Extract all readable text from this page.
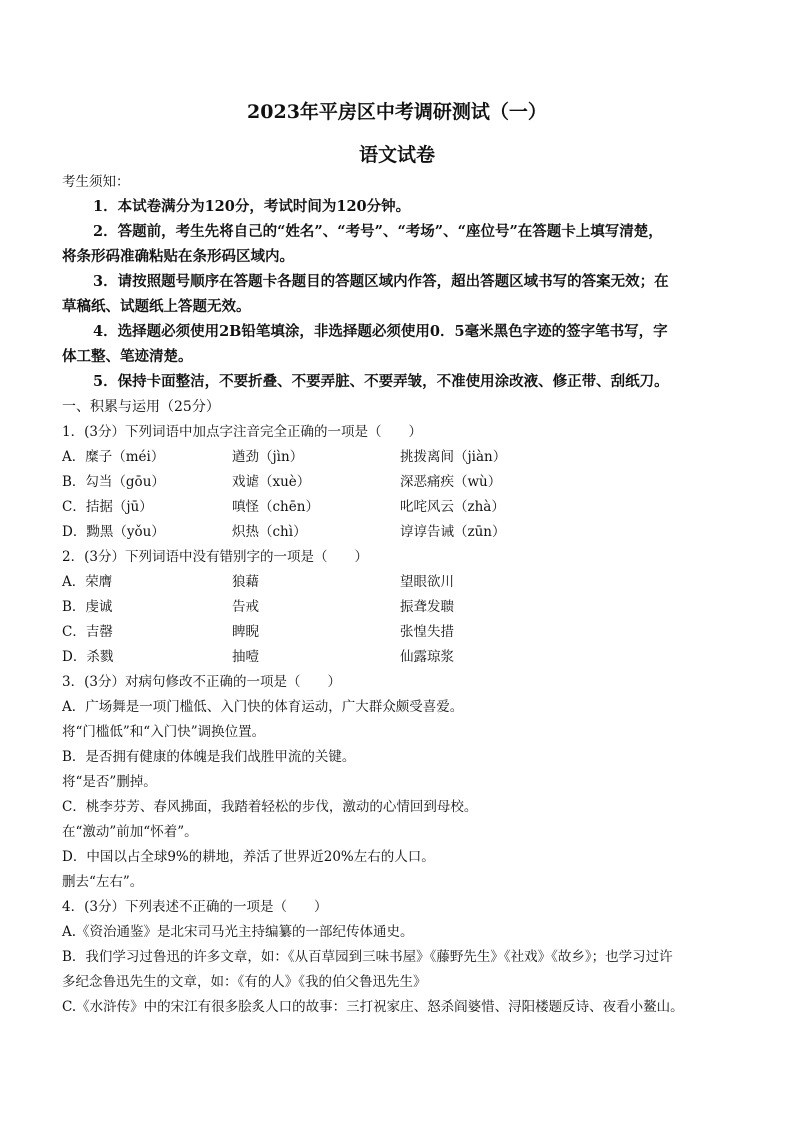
2023年平房区中考调研测试（一）
语文试卷
考生须知：
1．本试卷满分为120分，考试时间为120分钟。
2．答题前，考生先将自己的“姓名”、“考号”、“考场”、“座位号”在答题卡上填写清楚，
将条形码准确粘贴在条形码区域内。
3．请按照题号顺序在答题卡各题目的答题区域内作答，超出答题区域书写的答案无效；在
草稿纸、试题纸上答题无效。
4．选择题必须使用2B铅笔填涂，非选择题必须使用0．5毫米黑色字迹的签字笔书写，字
体工整、笔迹清楚。
5．保持卡面整洁，不要折叠、不要弄脏、不要弄皱，不准使用涂改液、修正带、刮纸刀。
一、积累与运用（25分）
1．(3分）下列词语中加点字注音完全正确的一项是（　　）
A．糜子（méi）	遒劲（jìn）	挑拨离间（jiàn）
B．勾当（gōu）	戏谑（xuè）	深恶痛疾（wù）
C．拮据（jū）	嗔怪（chēn）	叱咤风云（zhà）
D．黝黑（yǒu）	炽热（chì）	谆谆告诫（zūn）
2．(3分）下列词语中没有错别字的一项是（　　）
A．荣膺	狼藉	望眼欲川
B．虔诚	告戒	振聋发聩
C．吉罄	睥睨	张惶失措
D．杀戮	抽噎	仙露琼浆
3．(3分）对病句修改不正确的一项是（　　）
A．广场舞是一项门槛低、入门快的体育运动，广大群众颇受喜爱。
将“门槛低”和“入门快”调换位置。
B．是否拥有健康的体魄是我们战胜甲流的关键。
将“是否”删掉。
C．桃李芬芳、春风拂面，我踏着轻松的步伐，激动的心情回到母校。
在“激动”前加“怀着”。
D．中国以占全球9%的耕地，养活了世界近20%左右的人口。
删去“左右”。
4．(3分）下列表述不正确的一项是（　　）
A.《资治通鉴》是北宋司马光主持编纂的一部纪传体通史。
B．我们学习过鲁迅的许多文章，如：《从百草园到三味书屋》《藤野先生》《社戏》《故乡》；也学习过许
多纪念鲁迅先生的文章，如：《有的人》《我的伯父鲁迅先生》
C.《水浒传》中的宋江有很多脍炙人口的故事：三打祝家庄、怒杀阎婆惜、浔阳楼题反诗、夜看小鳌山。
